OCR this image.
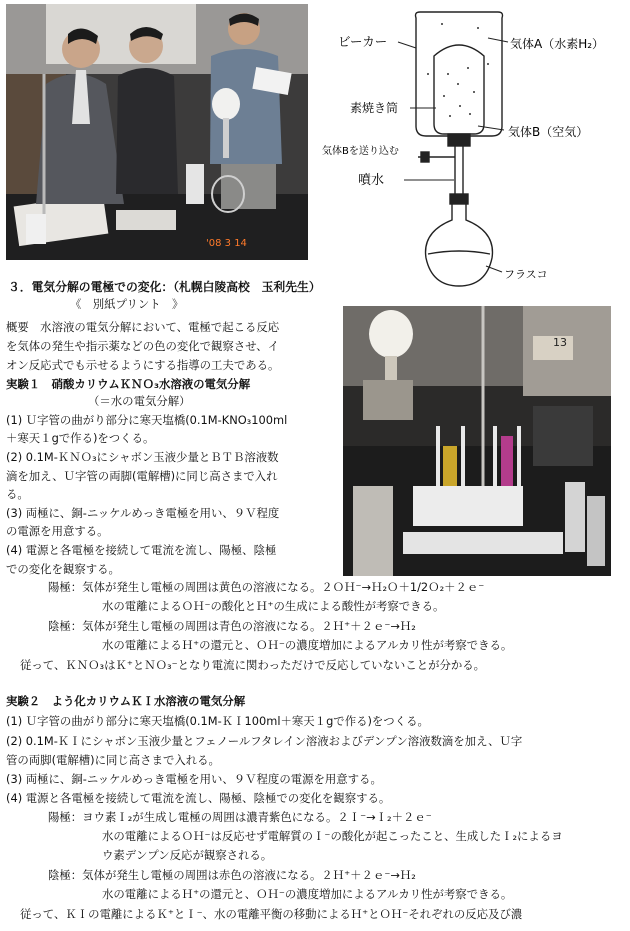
'08 3 14
ビーカー	気体A（水素H₂）
素焼き筒
気体B（空気）
気体Bを送り込む
噴水
フラスコ
13
３．電気分解の電極での変化：（札幌白陵高校　玉利先生）
《　別紙プリント　》
概要　水溶液の電気分解において、電極で起こる反応
を気体の発生や指示薬などの色の変化で観察させ、イ
オン反応式でも示せるようにする指導の工夫である。
実験１　硝酸カリウムＫＮＯ₃水溶液の電気分解
（＝水の電気分解）
(1) Ｕ字管の曲がり部分に寒天塩橋(0.1M-KNO₃100ml
＋寒天１gで作る)をつくる。
(2) 0.1M-ＫＮＯ₃にシャボン玉液少量とＢＴＢ溶液数
滴を加え、Ｕ字管の両脚(電解槽)に同じ高さまで入れ
る。
(3) 両極に、銅-ニッケルめっき電極を用い、９Ｖ程度
の電源を用意する。
(4) 電源と各電極を接続して電流を流し、陽極、陰極
での変化を観察する。
陽極：気体が発生し電極の周囲は黄色の溶液になる。２ＯＨ⁻→Ｈ₂Ｏ＋1/2Ｏ₂＋２ｅ⁻
水の電離によるＯＨ⁻の酸化とＨ⁺の生成による酸性が考察できる。
陰極：気体が発生し電極の周囲は青色の溶液になる。２Ｈ⁺＋２ｅ⁻→Ｈ₂
水の電離によるＨ⁺の還元と、ＯＨ⁻の濃度増加によるアルカリ性が考察できる。
従って、ＫＮＯ₃はＫ⁺とＮＯ₃⁻となり電流に関わっただけで反応していないことが分かる。
実験２　よう化カリウムＫＩ水溶液の電気分解
(1) Ｕ字管の曲がり部分に寒天塩橋(0.1M-ＫＩ100ml＋寒天１gで作る)をつくる。
(2) 0.1M-ＫＩにシャボン玉液少量とフェノールフタレイン溶液およびデンプン溶液数滴を加え、Ｕ字
管の両脚(電解槽)に同じ高さまで入れる。
(3) 両極に、銅-ニッケルめっき電極を用い、９Ｖ程度の電源を用意する。
(4) 電源と各電極を接続して電流を流し、陽極、陰極での変化を観察する。
陽極：ヨウ素Ｉ₂が生成し電極の周囲は濃青紫色になる。２Ｉ⁻→Ｉ₂＋２ｅ⁻
水の電離によるＯＨ⁻は反応せず電解質のＩ⁻の酸化が起こったこと、生成したＩ₂によるヨ
ウ素デンプン反応が観察される。
陰極：気体が発生し電極の周囲は赤色の溶液になる。２Ｈ⁺＋２ｅ⁻→Ｈ₂
水の電離によるＨ⁺の還元と、ＯＨ⁻の濃度増加によるアルカリ性が考察できる。
従って、ＫＩの電離によるＫ⁺とＩ⁻、水の電離平衡の移動によるＨ⁺とＯＨ⁻それぞれの反応及び濃
